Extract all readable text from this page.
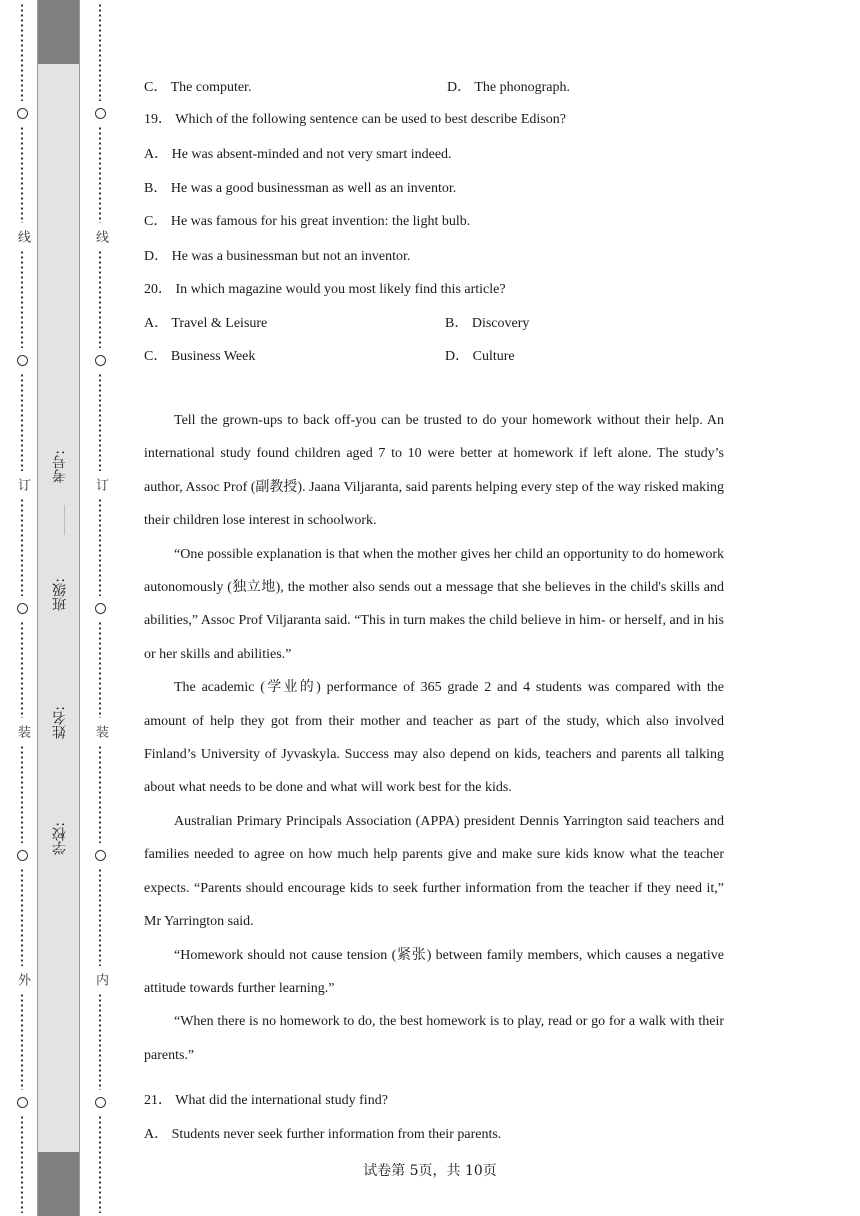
线
订
装
外
考号:
班级:
姓名:
学校:
线
订
装
内
C． The computer.	D． The phonograph.
19． Which of the following sentence can be used to best describe Edison?
A． He was absent-minded and not very smart indeed.
B． He was a good businessman as well as an inventor.
C． He was famous for his great invention: the light bulb.
D． He was a businessman but not an inventor.
20． In which magazine would you most likely find this article?
A． Travel & Leisure	B． Discovery
C． Business Week	D． Culture

Tell the grown-ups to back off-you can be trusted to do your homework without their help. An international study found children aged 7 to 10 were better at homework if left alone. The study’s author, Assoc Prof (副教授). Jaana Viljaranta, said parents helping every step of the way risked making their children lose interest in schoolwork.

“One possible explanation is that when the mother gives her child an opportunity to do homework autonomously (独立地), the mother also sends out a message that she believes in the child's skills and abilities,” Assoc Prof Viljaranta said. “This in turn makes the child believe in him- or herself, and in his or her skills and abilities.”

The academic (学业的) performance of 365 grade 2 and 4 students was compared with the amount of help they got from their mother and teacher as part of the study, which also involved Finland’s University of Jyvaskyla. Success may also depend on kids, teachers and parents all talking about what needs to be done and what will work best for the kids.

Australian Primary Principals Association (APPA) president Dennis Yarrington said teachers and families needed to agree on how much help parents give and make sure kids know what the teacher expects. “Parents should encourage kids to seek further information from the teacher if they need it,” Mr Yarrington said.

“Homework should not cause tension (紧张) between family members, which causes a negative attitude towards further learning.”

“When there is no homework to do, the best homework is to play, read or go for a walk with their parents.”

21． What did the international study find?
A． Students never seek further information from their parents.
试卷第 5页，共 10页
